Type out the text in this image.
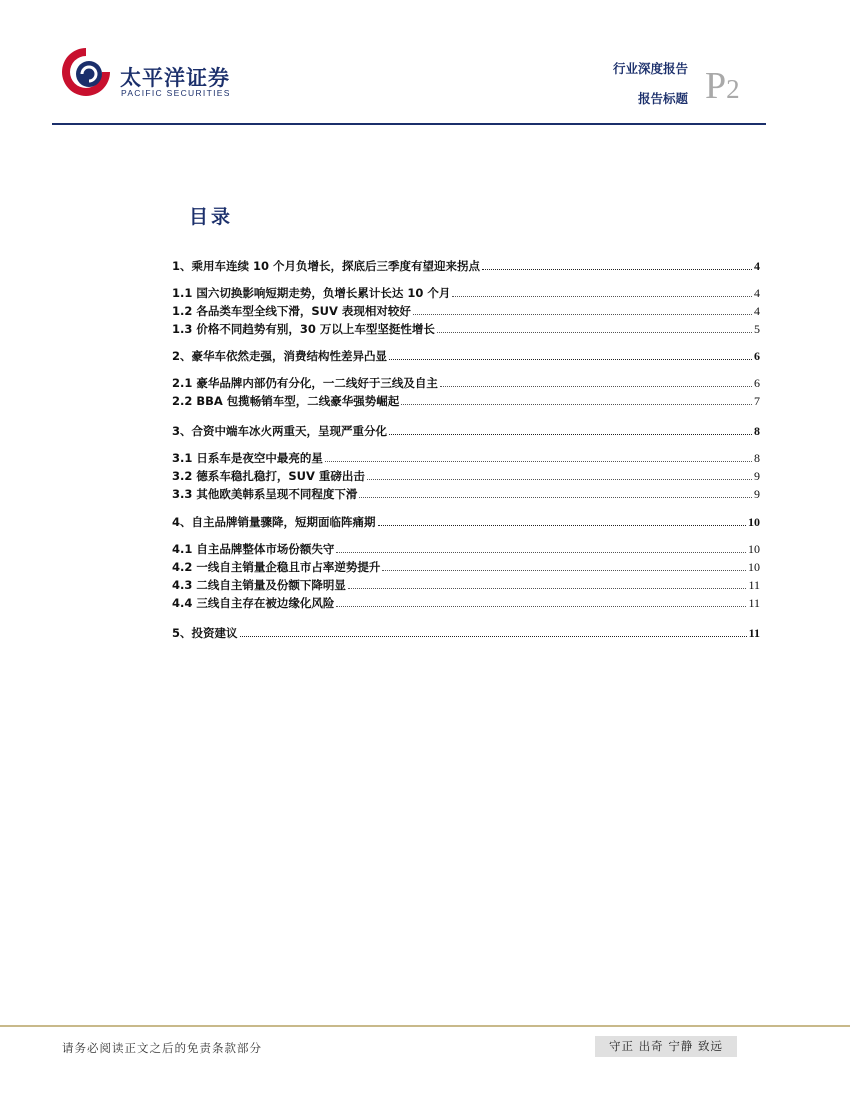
太平洋证券
PACIFIC SECURITIES
行业深度报告
报告标题 P2
目录
1、乘用车连续 10 个月负增长，探底后三季度有望迎来拐点	4
1.1 国六切换影响短期走势，负增长累计长达 10 个月	4
1.2 各品类车型全线下滑，SUV 表现相对较好	4
1.3 价格不同趋势有别，30 万以上车型坚挺性增长	5
2、豪华车依然走强，消费结构性差异凸显	6
2.1 豪华品牌内部仍有分化，一二线好于三线及自主	6
2.2 BBA 包揽畅销车型，二线豪华强势崛起	7
3、合资中端车冰火两重天，呈现严重分化	8
3.1 日系车是夜空中最亮的星	8
3.2 德系车稳扎稳打，SUV 重磅出击	9
3.3 其他欧美韩系呈现不同程度下滑	9
4、自主品牌销量骤降，短期面临阵痛期	10
4.1 自主品牌整体市场份额失守	10
4.2 一线自主销量企稳且市占率逆势提升	10
4.3 二线自主销量及份额下降明显	11
4.4 三线自主存在被边缘化风险	11
5、投资建议	11
请务必阅读正文之后的免责条款部分	守正 出奇 宁静 致远
